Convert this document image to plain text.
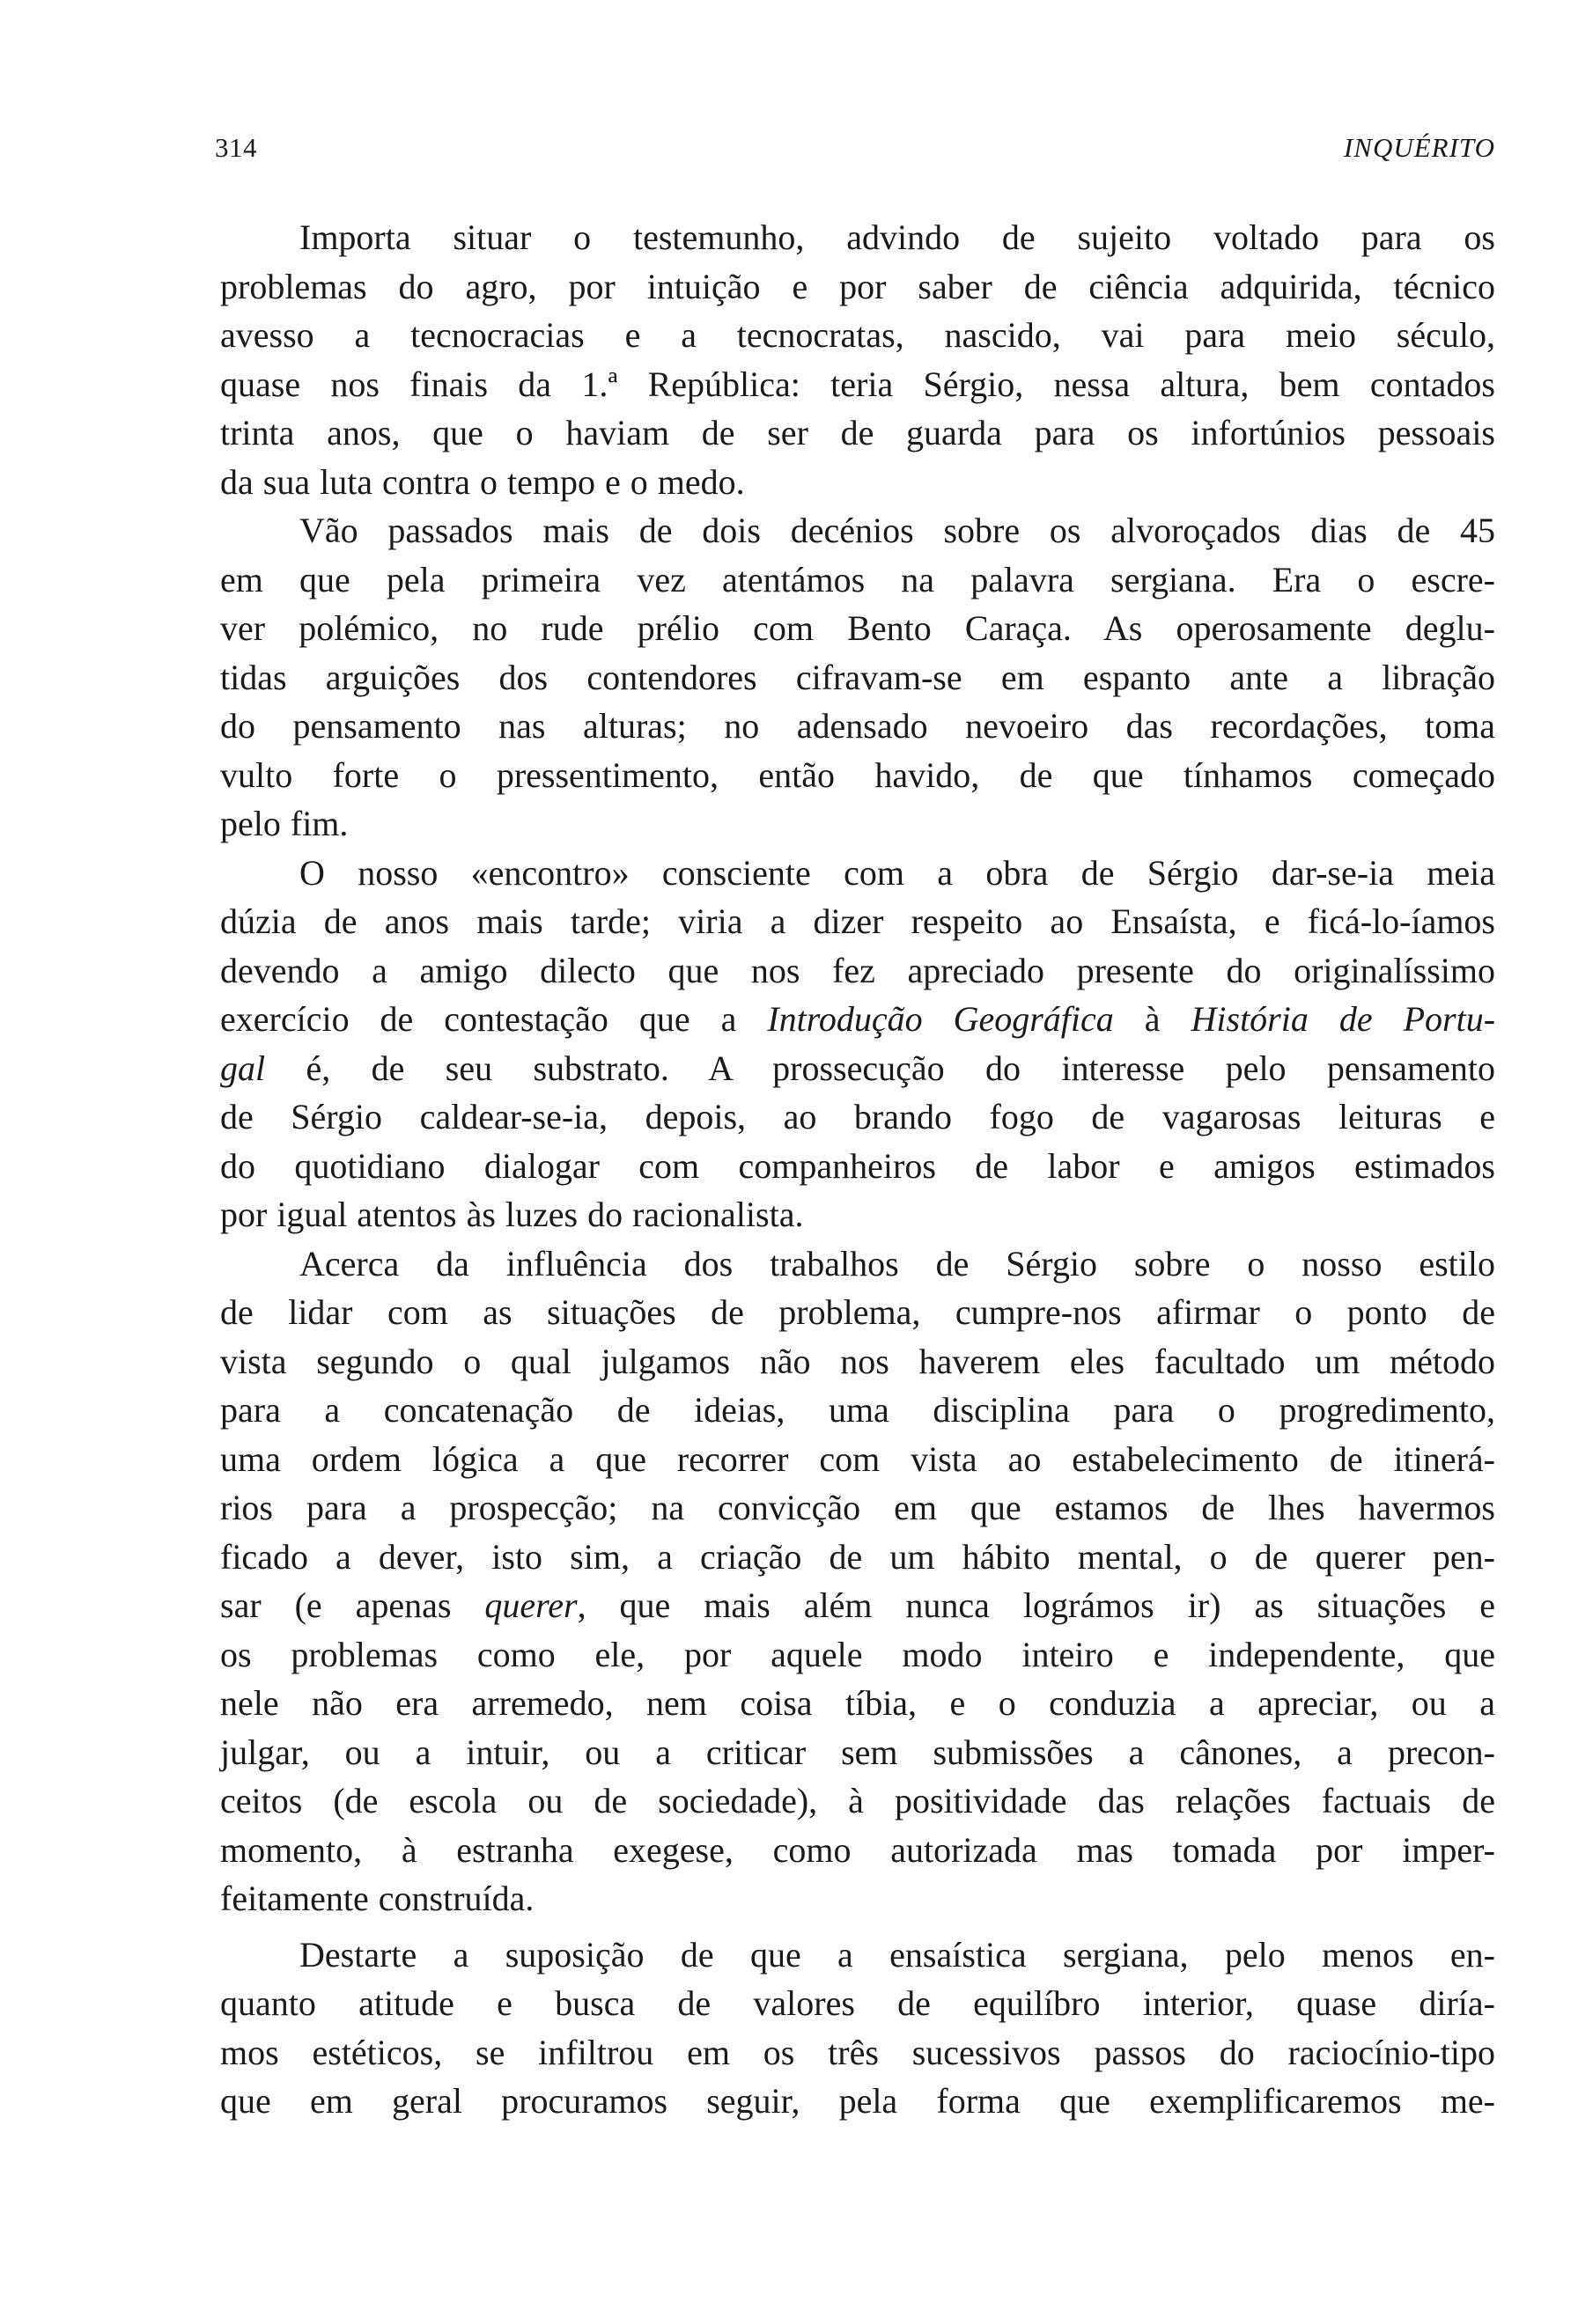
314	INQUÉRITO
Importa situar o testemunho, advindo de sujeito voltado para os
problemas do agro, por intuição e por saber de ciência adquirida, técnico
avesso a tecnocracias e a tecnocratas, nascido, vai para meio século,
quase nos finais da 1.ª República: teria Sérgio, nessa altura, bem contados
trinta anos, que o haviam de ser de guarda para os infortúnios pessoais
da sua luta contra o tempo e o medo.
Vão passados mais de dois decénios sobre os alvoroçados dias de 45
em que pela primeira vez atentámos na palavra sergiana. Era o escre-
ver polémico, no rude prélio com Bento Caraça. As operosamente deglu-
tidas arguições dos contendores cifravam-se em espanto ante a libração
do pensamento nas alturas; no adensado nevoeiro das recordações, toma
vulto forte o pressentimento, então havido, de que tínhamos começado
pelo fim.
O nosso «encontro» consciente com a obra de Sérgio dar-se-ia meia
dúzia de anos mais tarde; viria a dizer respeito ao Ensaísta, e ficá-lo-íamos
devendo a amigo dilecto que nos fez apreciado presente do originalíssimo
exercício de contestação que a Introdução Geográfica à História de Portu-
gal é, de seu substrato. A prossecução do interesse pelo pensamento
de Sérgio caldear-se-ia, depois, ao brando fogo de vagarosas leituras e
do quotidiano dialogar com companheiros de labor e amigos estimados
por igual atentos às luzes do racionalista.
Acerca da influência dos trabalhos de Sérgio sobre o nosso estilo
de lidar com as situações de problema, cumpre-nos afirmar o ponto de
vista segundo o qual julgamos não nos haverem eles facultado um método
para a concatenação de ideias, uma disciplina para o progredimento,
uma ordem lógica a que recorrer com vista ao estabelecimento de itinerá-
rios para a prospecção; na convicção em que estamos de lhes havermos
ficado a dever, isto sim, a criação de um hábito mental, o de querer pen-
sar (e apenas querer, que mais além nunca lográmos ir) as situações e
os problemas como ele, por aquele modo inteiro e independente, que
nele não era arremedo, nem coisa tíbia, e o conduzia a apreciar, ou a
julgar, ou a intuir, ou a criticar sem submissões a cânones, a precon-
ceitos (de escola ou de sociedade), à positividade das relações factuais de
momento, à estranha exegese, como autorizada mas tomada por imper-
feitamente construída.
Destarte a suposição de que a ensaística sergiana, pelo menos en-
quanto atitude e busca de valores de equilíbro interior, quase diría-
mos estéticos, se infiltrou em os três sucessivos passos do raciocínio-tipo
que em geral procuramos seguir, pela forma que exemplificaremos me-
